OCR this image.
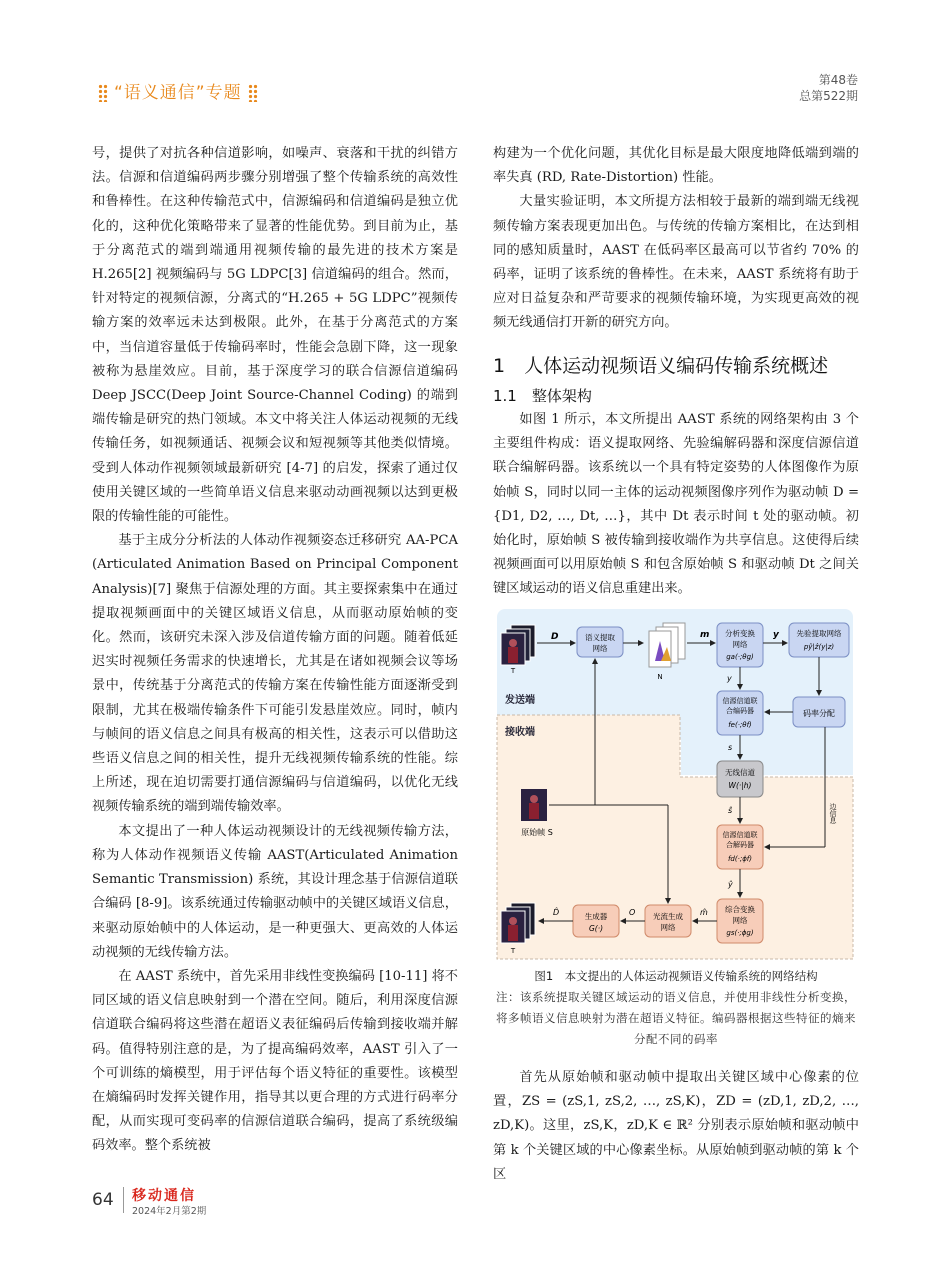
“语义通信”专题
第48卷
总第522期

号，提供了对抗各种信道影响，如噪声、衰落和干扰的纠错方法。信源和信道编码两步骤分别增强了整个传输系统的高效性和鲁棒性。在这种传输范式中，信源编码和信道编码是独立优化的，这种优化策略带来了显著的性能优势。到目前为止，基于分离范式的端到端通用视频传输的最先进的技术方案是 H.265[2] 视频编码与 5G LDPC[3] 信道编码的组合。然而，针对特定的视频信源，分离式的“H.265 + 5G LDPC”视频传输方案的效率远未达到极限。此外，在基于分离范式的方案中，当信道容量低于传输码率时，性能会急剧下降，这一现象被称为悬崖效应。目前，基于深度学习的联合信源信道编码 Deep JSCC(Deep Joint Source-Channel Coding) 的端到端传输是研究的热门领域。本文中将关注人体运动视频的无线传输任务，如视频通话、视频会议和短视频等其他类似情境。受到人体动作视频领域最新研究 [4-7] 的启发，探索了通过仅使用关键区域的一些简单语义信息来驱动动画视频以达到更极限的传输性能的可能性。

基于主成分分析法的人体动作视频姿态迁移研究 AA-PCA (Articulated Animation Based on Principal Component Analysis)[7] 聚焦于信源处理的方面。其主要探索集中在通过提取视频画面中的关键区域语义信息，从而驱动原始帧的变化。然而，该研究未深入涉及信道传输方面的问题。随着低延迟实时视频任务需求的快速增长，尤其是在诸如视频会议等场景中，传统基于分离范式的传输方案在传输性能方面逐渐受到限制，尤其在极端传输条件下可能引发悬崖效应。同时，帧内与帧间的语义信息之间具有极高的相关性，这表示可以借助这些语义信息之间的相关性，提升无线视频传输系统的性能。综上所述，现在迫切需要打通信源编码与信道编码，以优化无线视频传输系统的端到端传输效率。

本文提出了一种人体运动视频设计的无线视频传输方法，称为人体动作视频语义传输 AAST(Articulated Animation Semantic Transmission) 系统，其设计理念基于信源信道联合编码 [8-9]。该系统通过传输驱动帧中的关键区域语义信息，来驱动原始帧中的人体运动，是一种更强大、更高效的人体运动视频的无线传输方法。

在 AAST 系统中，首先采用非线性变换编码 [10-11] 将不同区域的语义信息映射到一个潜在空间。随后，利用深度信源信道联合编码将这些潜在超语义表征编码后传输到接收端并解码。值得特别注意的是，为了提高编码效率，AAST 引入了一个可训练的熵模型，用于评估每个语义特征的重要性。该模型在熵编码时发挥关键作用，指导其以更合理的方式进行码率分配，从而实现可变码率的信源信道联合编码，提高了系统级编码效率。整个系统被

构建为一个优化问题，其优化目标是最大限度地降低端到端的率失真 (RD, Rate-Distortion) 性能。

大量实验证明，本文所提方法相较于最新的端到端无线视频传输方案表现更加出色。与传统的传输方案相比，在达到相同的感知质量时，AAST 在低码率区最高可以节省约 70% 的码率，证明了该系统的鲁棒性。在未来，AAST 系统将有助于应对日益复杂和严苛要求的视频传输环境，为实现更高效的视频无线通信打开新的研究方向。

1　人体运动视频语义编码传输系统概述
1.1　整体架构

如图 1 所示，本文所提出 AAST 系统的网络架构由 3 个主要组件构成：语义提取网络、先验编解码器和深度信源信道联合编解码器。该系统以一个具有特定姿势的人体图像作为原始帧 S，同时以同一主体的运动视频图像序列作为驱动帧 D = {D1, D2, …, Dt, …}，其中 Dt 表示时间 t 处的驱动帧。初始化时，原始帧 S 被传输到接收端作为共享信息。这使得后续视频画面可以用原始帧 S 和包含原始帧 S 和驱动帧 Dt 之间关键区域运动的语义信息重建出来。

发送端
接收端
T
D	语义提取
网络
N
m 分析变换
网络
ga(·;θg)
y 先验提取网络
pŷ|ẑ(y|z)
y
信源信道联
合编码器
fe(·;θf)
码率分配
s
无线信道
W(·|h)
边信息
ŝ
信源信道联
合解码器
fd(·;ϕf)
ŷ
综合变换
网络
gs(·;ϕg)
m̂
光流生成
网络
O
生成器
G(·)
D̂
T
原始帧 S
图1　本文提出的人体运动视频语义传输系统的网络结构
注：该系统提取关键区域运动的语义信息，并使用非线性分析变换，将多帧语义信息映射为潜在超语义特征。编码器根据这些特征的熵来分配不同的码率

首先从原始帧和驱动帧中提取出关键区域中心像素的位置，ZS = (zS,1, zS,2, …, zS,K)，ZD = (zD,1, zD,2, …, zD,K)。这里，zS,K，zD,K ∈ ℝ² 分别表示原始帧和驱动帧中第 k 个关键区域的中心像素坐标。从原始帧到驱动帧的第 k 个区

64 移动通信
2024年2月第2期
